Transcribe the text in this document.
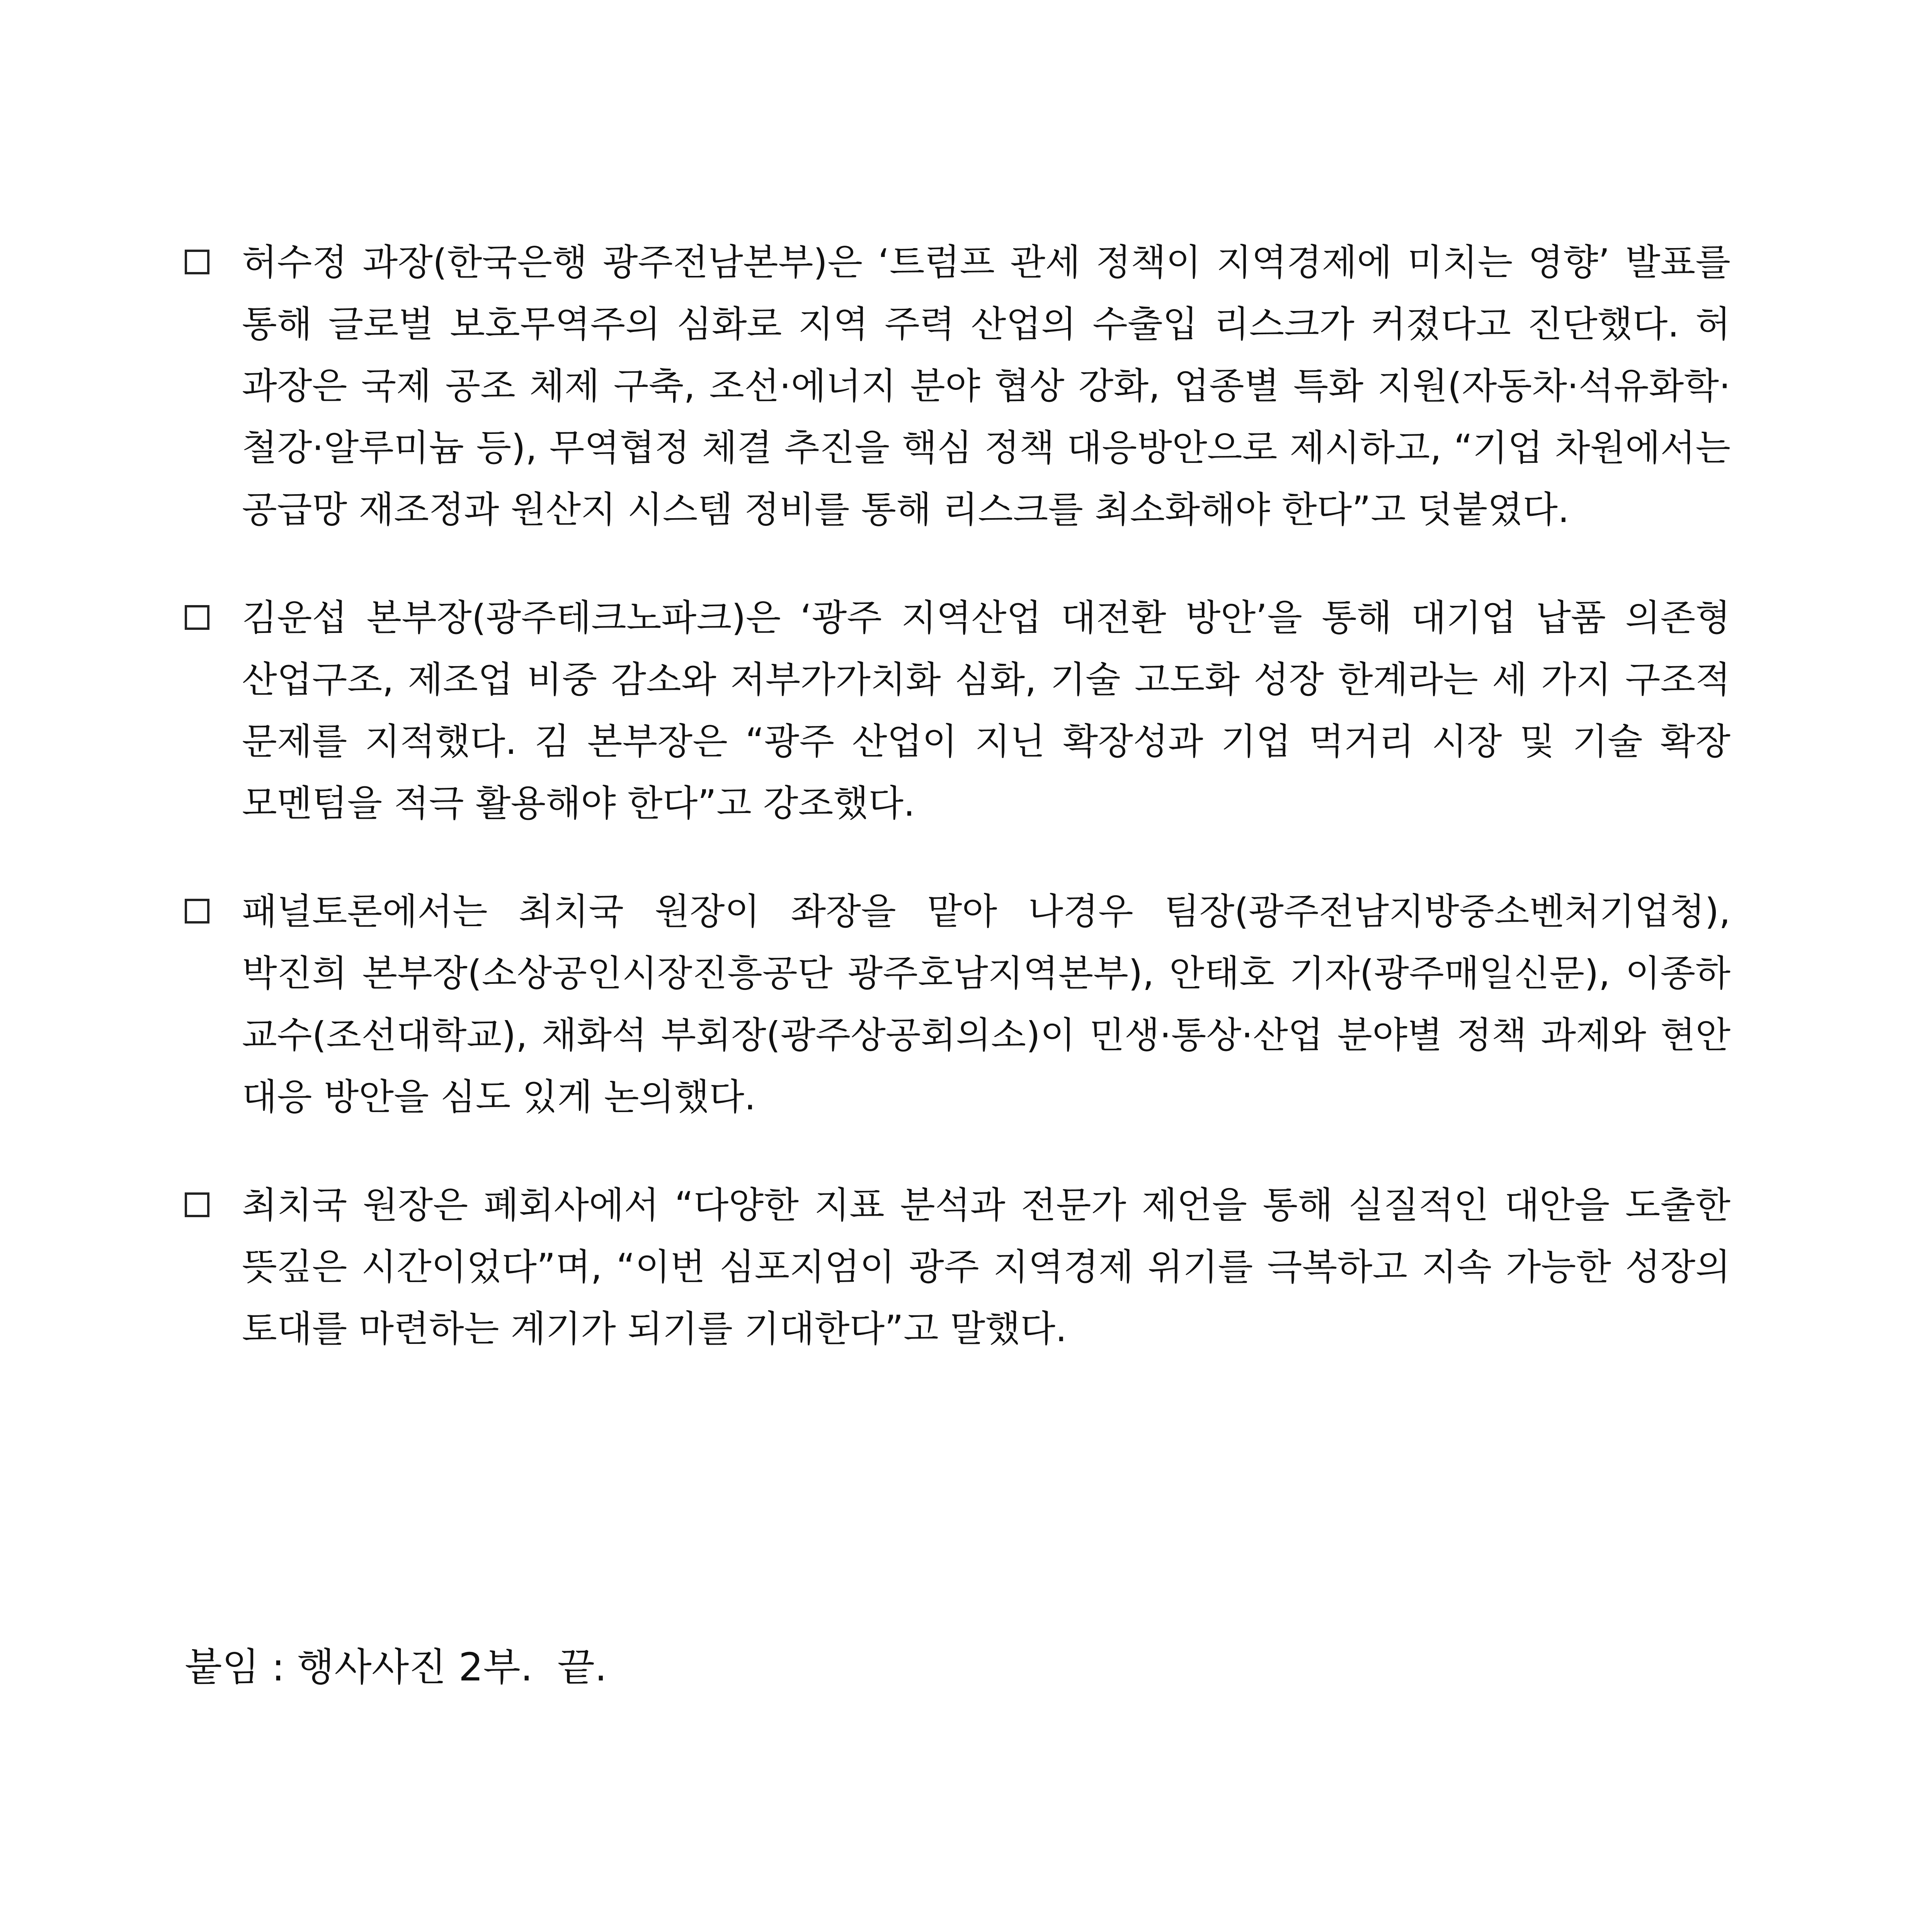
허수정 과장(한국은행 광주전남본부)은 ‘트럼프 관세 정책이 지역경제에 미치는 영향’ 발표를 통해 글로벌 보호무역주의 심화로 지역 주력 산업의 수출입 리스크가 커졌다고 진단했다. 허 과장은 국제 공조 체제 구축, 조선·에너지 분야 협상 강화, 업종별 특화 지원(자동차·석유화학·철강·알루미늄 등), 무역협정 체결 추진을 핵심 정책 대응방안으로 제시하고, “기업 차원에서는 공급망 재조정과 원산지 시스템 정비를 통해 리스크를 최소화해야 한다”고 덧붙였다.
김운섭 본부장(광주테크노파크)은 ‘광주 지역산업 대전환 방안’을 통해 대기업 납품 의존형 산업구조, 제조업 비중 감소와 저부가가치화 심화, 기술 고도화 성장 한계라는 세 가지 구조적 문제를 지적했다. 김 본부장은 “광주 산업이 지닌 확장성과 기업 먹거리 시장 및 기술 확장 모멘텀을 적극 활용해야 한다”고 강조했다.
패널토론에서는 최치국 원장이 좌장을 맡아 나경우 팀장(광주전남지방중소벤처기업청), 박진희 본부장(소상공인시장진흥공단 광주호남지역본부), 안태호 기자(광주매일신문), 이종하 교수(조선대학교), 채화석 부회장(광주상공회의소)이 민생·통상·산업 분야별 정책 과제와 현안 대응 방안을 심도 있게 논의했다.
최치국 원장은 폐회사에서 “다양한 지표 분석과 전문가 제언을 통해 실질적인 대안을 도출한 뜻깊은 시간이었다”며, “이번 심포지엄이 광주 지역경제 위기를 극복하고 지속 가능한 성장의 토대를 마련하는 계기가 되기를 기대한다”고 말했다.
붙임 : 행사사진 2부.  끝.
